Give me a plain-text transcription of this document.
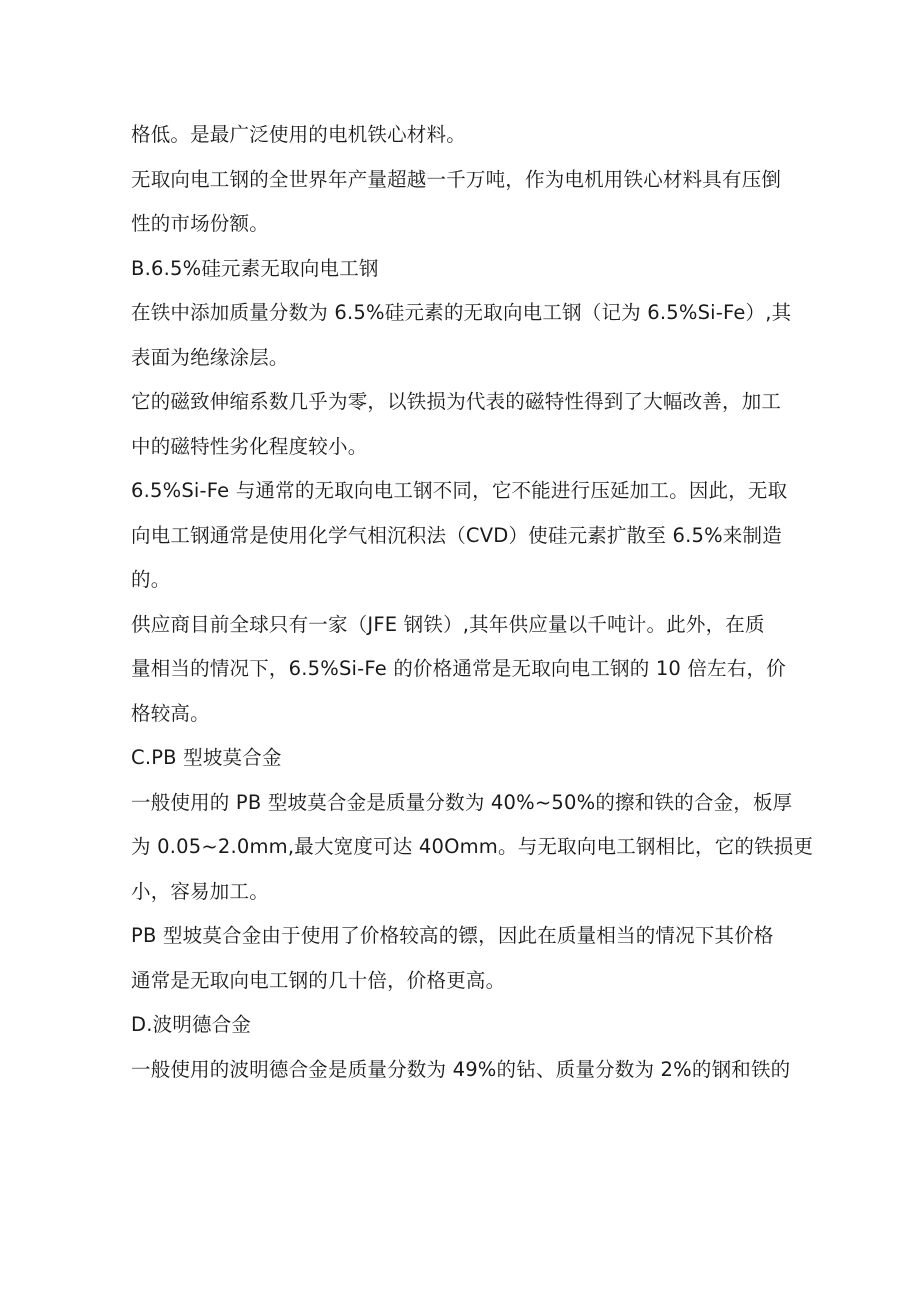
格低。是最广泛使用的电机铁心材料。

无取向电工钢的全世界年产量超越一千万吨，作为电机用铁心材料具有压倒
性的市场份额。

B.6.5%硅元素无取向电工钢

在铁中添加质量分数为 6.5%硅元素的无取向电工钢（记为 6.5%Si-Fe）,其
表面为绝缘涂层。

它的磁致伸缩系数几乎为零，以铁损为代表的磁特性得到了大幅改善，加工
中的磁特性劣化程度较小。

6.5%Si-Fe 与通常的无取向电工钢不同，它不能进行压延加工。因此，无取
向电工钢通常是使用化学气相沉积法（CVD）使硅元素扩散至 6.5%来制造
的。

供应商目前全球只有一家（JFE 钢铁）,其年供应量以千吨计。此外，在质
量相当的情况下，6.5%Si-Fe 的价格通常是无取向电工钢的 10 倍左右，价
格较高。

C.PB 型坡莫合金

一般使用的 PB 型坡莫合金是质量分数为 40%~50%的擦和铁的合金，板厚
为 0.05~2.0mm,最大宽度可达 40Omm。与无取向电工钢相比，它的铁损更
小，容易加工。

PB 型坡莫合金由于使用了价格较高的镖，因此在质量相当的情况下其价格
通常是无取向电工钢的几十倍，价格更高。

D.波明德合金

一般使用的波明德合金是质量分数为 49%的钻、质量分数为 2%的钢和铁的
